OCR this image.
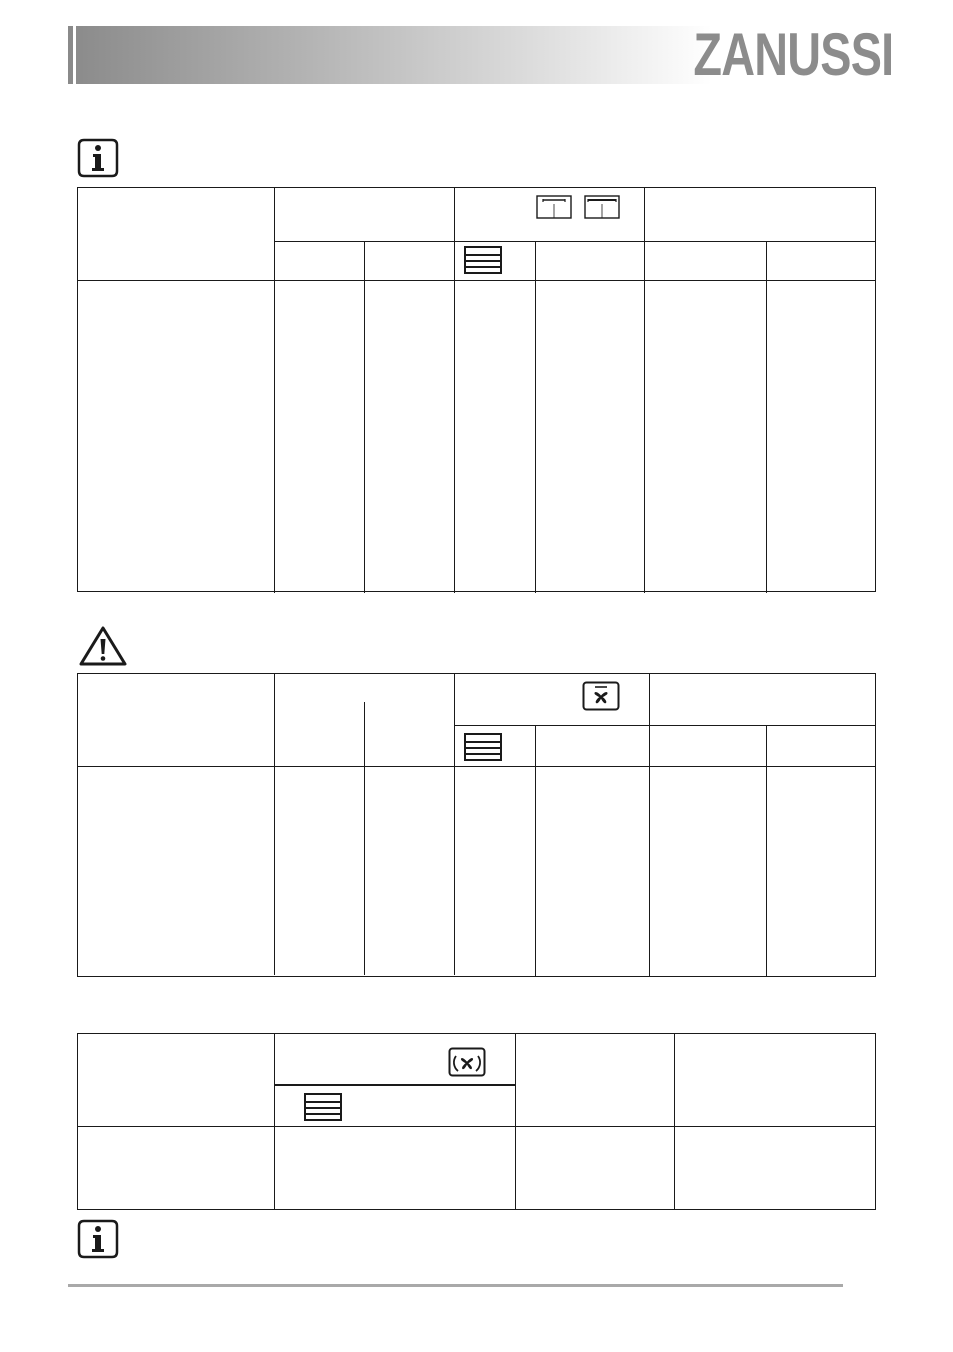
ZANUSSI
